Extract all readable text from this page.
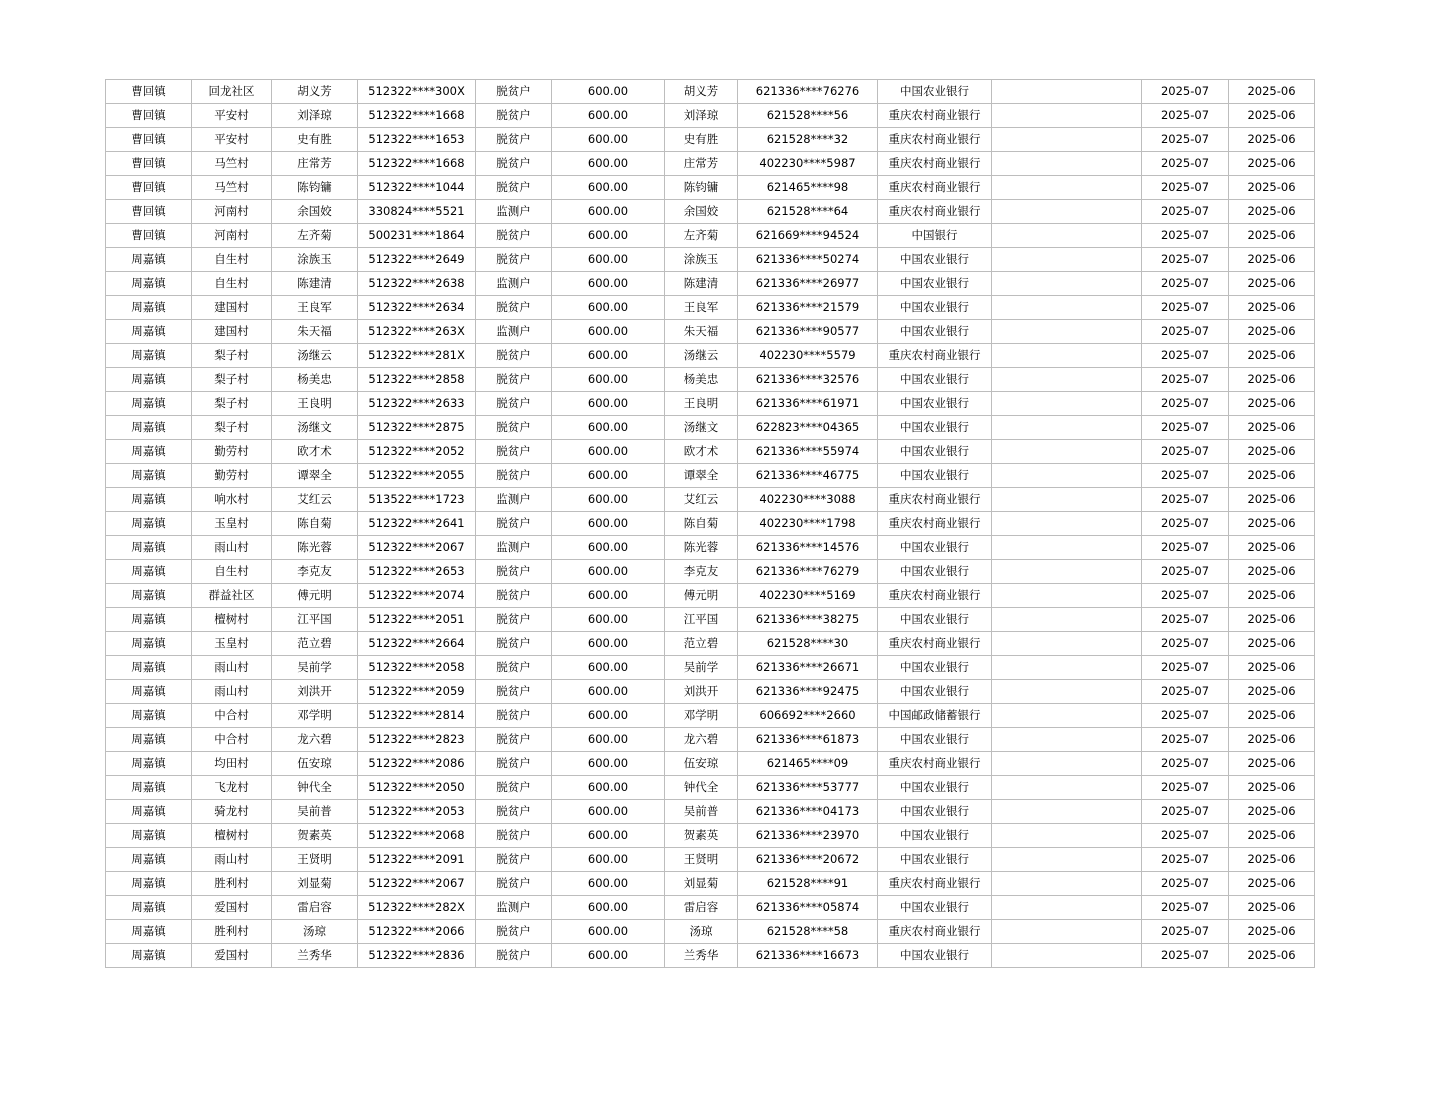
曹回镇	回龙社区	胡义芳	512322****300X	脱贫户	600.00	胡义芳	621336****76276	中国农业银行		2025-07	2025-06
曹回镇	平安村	刘泽琼	512322****1668	脱贫户	600.00	刘泽琼	621528****56	重庆农村商业银行		2025-07	2025-06
曹回镇	平安村	史有胜	512322****1653	脱贫户	600.00	史有胜	621528****32	重庆农村商业银行		2025-07	2025-06
曹回镇	马竺村	庄常芳	512322****1668	脱贫户	600.00	庄常芳	402230****5987	重庆农村商业银行		2025-07	2025-06
曹回镇	马竺村	陈钧镛	512322****1044	脱贫户	600.00	陈钧镛	621465****98	重庆农村商业银行		2025-07	2025-06
曹回镇	河南村	余国姣	330824****5521	监测户	600.00	余国姣	621528****64	重庆农村商业银行		2025-07	2025-06
曹回镇	河南村	左齐菊	500231****1864	脱贫户	600.00	左齐菊	621669****94524	中国银行		2025-07	2025-06
周嘉镇	自生村	涂族玉	512322****2649	脱贫户	600.00	涂族玉	621336****50274	中国农业银行		2025-07	2025-06
周嘉镇	自生村	陈建清	512322****2638	监测户	600.00	陈建清	621336****26977	中国农业银行		2025-07	2025-06
周嘉镇	建国村	王良军	512322****2634	脱贫户	600.00	王良军	621336****21579	中国农业银行		2025-07	2025-06
周嘉镇	建国村	朱天福	512322****263X	监测户	600.00	朱天福	621336****90577	中国农业银行		2025-07	2025-06
周嘉镇	梨子村	汤继云	512322****281X	脱贫户	600.00	汤继云	402230****5579	重庆农村商业银行		2025-07	2025-06
周嘉镇	梨子村	杨美忠	512322****2858	脱贫户	600.00	杨美忠	621336****32576	中国农业银行		2025-07	2025-06
周嘉镇	梨子村	王良明	512322****2633	脱贫户	600.00	王良明	621336****61971	中国农业银行		2025-07	2025-06
周嘉镇	梨子村	汤继文	512322****2875	脱贫户	600.00	汤继文	622823****04365	中国农业银行		2025-07	2025-06
周嘉镇	勤劳村	欧才术	512322****2052	脱贫户	600.00	欧才术	621336****55974	中国农业银行		2025-07	2025-06
周嘉镇	勤劳村	谭翠全	512322****2055	脱贫户	600.00	谭翠全	621336****46775	中国农业银行		2025-07	2025-06
周嘉镇	响水村	艾红云	513522****1723	监测户	600.00	艾红云	402230****3088	重庆农村商业银行		2025-07	2025-06
周嘉镇	玉皇村	陈自菊	512322****2641	脱贫户	600.00	陈自菊	402230****1798	重庆农村商业银行		2025-07	2025-06
周嘉镇	雨山村	陈光蓉	512322****2067	监测户	600.00	陈光蓉	621336****14576	中国农业银行		2025-07	2025-06
周嘉镇	自生村	李克友	512322****2653	脱贫户	600.00	李克友	621336****76279	中国农业银行		2025-07	2025-06
周嘉镇	群益社区	傅元明	512322****2074	脱贫户	600.00	傅元明	402230****5169	重庆农村商业银行		2025-07	2025-06
周嘉镇	檀树村	江平国	512322****2051	脱贫户	600.00	江平国	621336****38275	中国农业银行		2025-07	2025-06
周嘉镇	玉皇村	范立碧	512322****2664	脱贫户	600.00	范立碧	621528****30	重庆农村商业银行		2025-07	2025-06
周嘉镇	雨山村	吴前学	512322****2058	脱贫户	600.00	吴前学	621336****26671	中国农业银行		2025-07	2025-06
周嘉镇	雨山村	刘洪开	512322****2059	脱贫户	600.00	刘洪开	621336****92475	中国农业银行		2025-07	2025-06
周嘉镇	中合村	邓学明	512322****2814	脱贫户	600.00	邓学明	606692****2660	中国邮政储蓄银行		2025-07	2025-06
周嘉镇	中合村	龙六碧	512322****2823	脱贫户	600.00	龙六碧	621336****61873	中国农业银行		2025-07	2025-06
周嘉镇	均田村	伍安琼	512322****2086	脱贫户	600.00	伍安琼	621465****09	重庆农村商业银行		2025-07	2025-06
周嘉镇	飞龙村	钟代全	512322****2050	脱贫户	600.00	钟代全	621336****53777	中国农业银行		2025-07	2025-06
周嘉镇	骑龙村	吴前普	512322****2053	脱贫户	600.00	吴前普	621336****04173	中国农业银行		2025-07	2025-06
周嘉镇	檀树村	贺素英	512322****2068	脱贫户	600.00	贺素英	621336****23970	中国农业银行		2025-07	2025-06
周嘉镇	雨山村	王贤明	512322****2091	脱贫户	600.00	王贤明	621336****20672	中国农业银行		2025-07	2025-06
周嘉镇	胜利村	刘显菊	512322****2067	脱贫户	600.00	刘显菊	621528****91	重庆农村商业银行		2025-07	2025-06
周嘉镇	爱国村	雷启容	512322****282X	监测户	600.00	雷启容	621336****05874	中国农业银行		2025-07	2025-06
周嘉镇	胜利村	汤琼	512322****2066	脱贫户	600.00	汤琼	621528****58	重庆农村商业银行		2025-07	2025-06
周嘉镇	爱国村	兰秀华	512322****2836	脱贫户	600.00	兰秀华	621336****16673	中国农业银行		2025-07	2025-06
